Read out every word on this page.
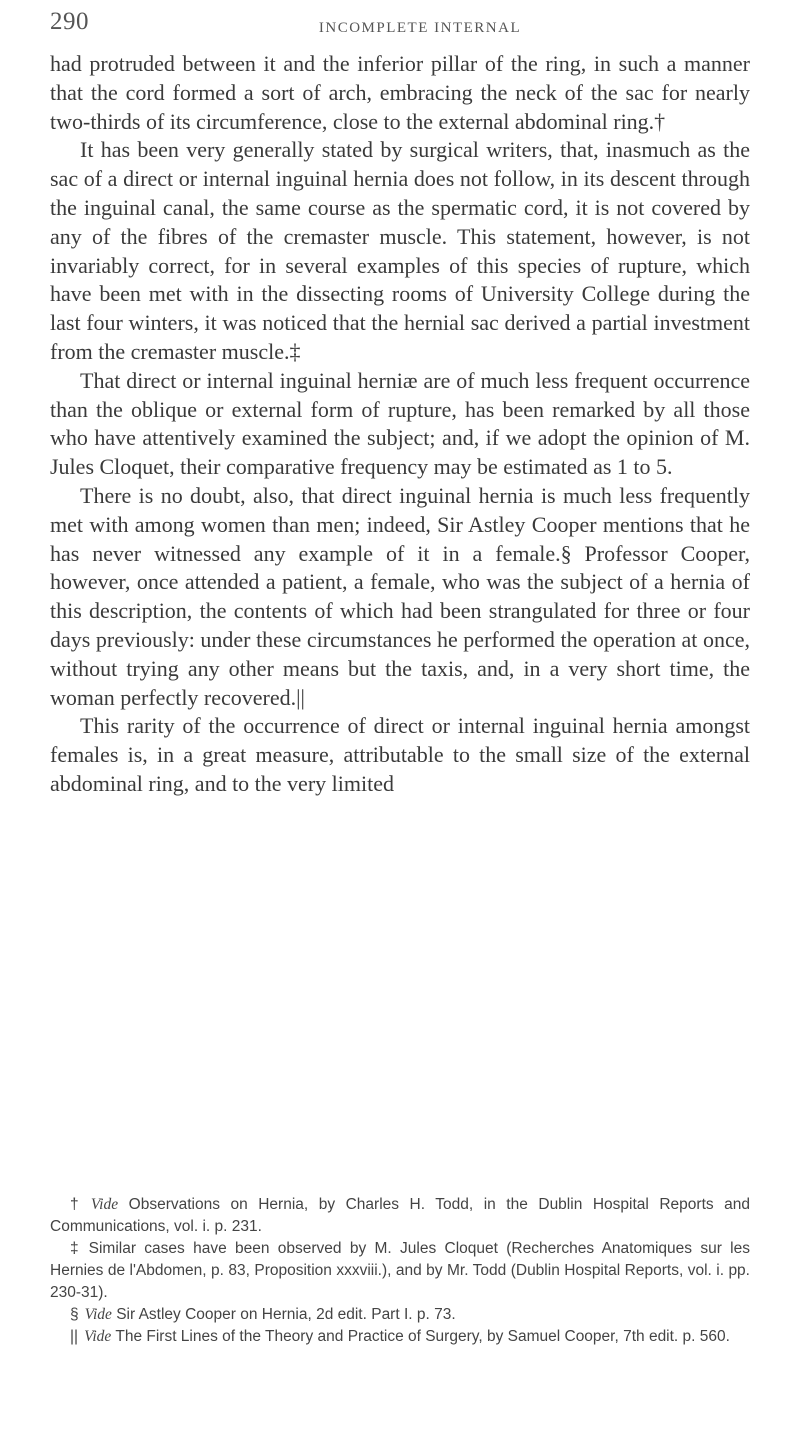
290	INCOMPLETE INTERNAL

had protruded between it and the inferior pillar of the ring, in such a manner that the cord formed a sort of arch, embracing the neck of the sac for nearly two-thirds of its circumference, close to the external abdominal ring.†

It has been very generally stated by surgical writers, that, inasmuch as the sac of a direct or internal inguinal hernia does not follow, in its descent through the inguinal canal, the same course as the spermatic cord, it is not covered by any of the fibres of the cremaster muscle. This statement, however, is not invariably correct, for in several examples of this species of rupture, which have been met with in the dissecting rooms of University College during the last four winters, it was noticed that the hernial sac derived a partial investment from the cremaster muscle.‡

That direct or internal inguinal herniæ are of much less frequent occurrence than the oblique or external form of rupture, has been remarked by all those who have attentively examined the subject; and, if we adopt the opinion of M. Jules Cloquet, their comparative frequency may be estimated as 1 to 5.

There is no doubt, also, that direct inguinal hernia is much less frequently met with among women than men; indeed, Sir Astley Cooper mentions that he has never witnessed any example of it in a female.§ Professor Cooper, however, once attended a patient, a female, who was the subject of a hernia of this description, the contents of which had been strangulated for three or four days previously: under these circumstances he performed the operation at once, without trying any other means but the taxis, and, in a very short time, the woman perfectly recovered.||

This rarity of the occurrence of direct or internal inguinal hernia amongst females is, in a great measure, attributable to the small size of the external abdominal ring, and to the very limited

† Vide Observations on Hernia, by Charles H. Todd, in the Dublin Hospital Reports and Communications, vol. i. p. 231.

‡ Similar cases have been observed by M. Jules Cloquet (Recherches Anatomiques sur les Hernies de l'Abdomen, p. 83, Proposition xxxviii.), and by Mr. Todd (Dublin Hospital Reports, vol. i. pp. 230-31).

§ Vide Sir Astley Cooper on Hernia, 2d edit. Part I. p. 73.

|| Vide The First Lines of the Theory and Practice of Surgery, by Samuel Cooper, 7th edit. p. 560.
